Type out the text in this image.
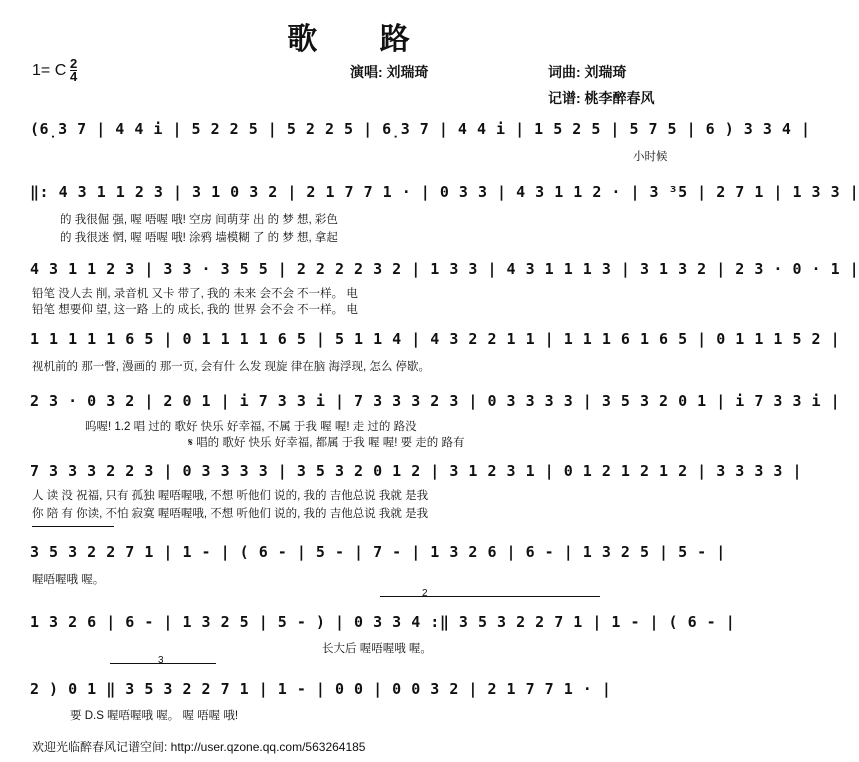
歌 路
1= C $\frac{2}{4}$	演唱: 刘瑞琦	词曲: 刘瑞琦
记谱: 桃李醉春风
(6̣3 7 | 4 4 i | 5 2 2 5 | 5 2 2 5 | 6̣3 7 | 4 4 i | 1 5 2 5 | 5 7 5 | 6 ) 3 3 4 |
小时候
‖: 4 3 1 1 2 3 | 3 1 0 3 2 | 2 1 7 7 1 · | 0 3 3 | 4 3 1 1 2 · | 3 ³5 | 2 7 1 | 1 3 3 |
的 我很倔 强, 喔 唔喔 哦! 空房 间萌芽 出 的 梦 想, 彩色
的 我很迷 惘, 喔 唔喔 哦! 涂鸦 墙模糊 了 的 梦 想, 拿起
4 3 1 1 2 3 | 3 3 · 3 5 5 | 2 2 2 2 3 2 | 1 3 3 | 4 3 1 1 1 3 | 3 1 3 2 | 2 3 · 0 · 1 |
铅笔 没人去 削, 录音机 又卡 带了, 我的 未来 会不会 不一样。 电
铅笔 想要仰 望, 这一路 上的 成长, 我的 世界 会不会 不一样。 电
1 1 1 1 1 6 5 | 0 1 1 1 1 6 5 | 5 1 1 4 | 4 3 2 2 1 1 | 1 1 1 6 1 6 5 | 0 1 1 1 5 2 |
视机前的 那一瞥, 漫画的 那一页, 会有什 么发 现旋 律在脑 海浮现, 怎么 停歇。
2 3 · 0 3 2 | 2 0 1 | i 7 3 3 i | 7 3 3 3 2 3 | 0 3 3 3 3 | 3 5 3 2 0 1 | i 7 3 3 i |
呜喔! 1.2 唱 过的 歌好 快乐 好幸福, 不属 于我 喔 喔! 走 过的 路没
𝄋 唱的 歌好 快乐 好幸福, 都属 于我 喔 喔! 要 走的 路有
7 3 3 3 2 2 3 | 0 3 3 3 3 | 3 5 3 2 0 1 2 | 3 1 2 3 1 | 0 1 2 1 2 1 2 | 3 3 3 3 |
人 读 没 祝福, 只有 孤独 喔唔喔哦, 不想 听他们 说的, 我的 吉他总说 我就 是我
你 陪 有 你读, 不怕 寂寞 喔唔喔哦, 不想 听他们 说的, 我的 吉他总说 我就 是我
3 5 3 2 2 7 1 | 1 - | ( 6 - | 5 - | 7 - | 1 3 2 6 | 6 - | 1 3 2 5 | 5 - |
喔唔喔哦 喔。
2
1 3 2 6 | 6 - | 1 3 2 5 | 5 - ) | 0 3 3 4 :‖ 3 5 3 2 2 7 1 | 1 - | ( 6 - |
长大后 喔唔喔哦 喔。
3
2 ) 0 1 ‖ 3 5 3 2 2 7 1 | 1 - | 0 0 | 0 0 3 2 | 2 1 7 7 1 · |
要 D.S 喔唔喔哦 喔。 喔 唔喔 哦!
欢迎光临醉春风记谱空间: http://user.qzone.qq.com/563264185
